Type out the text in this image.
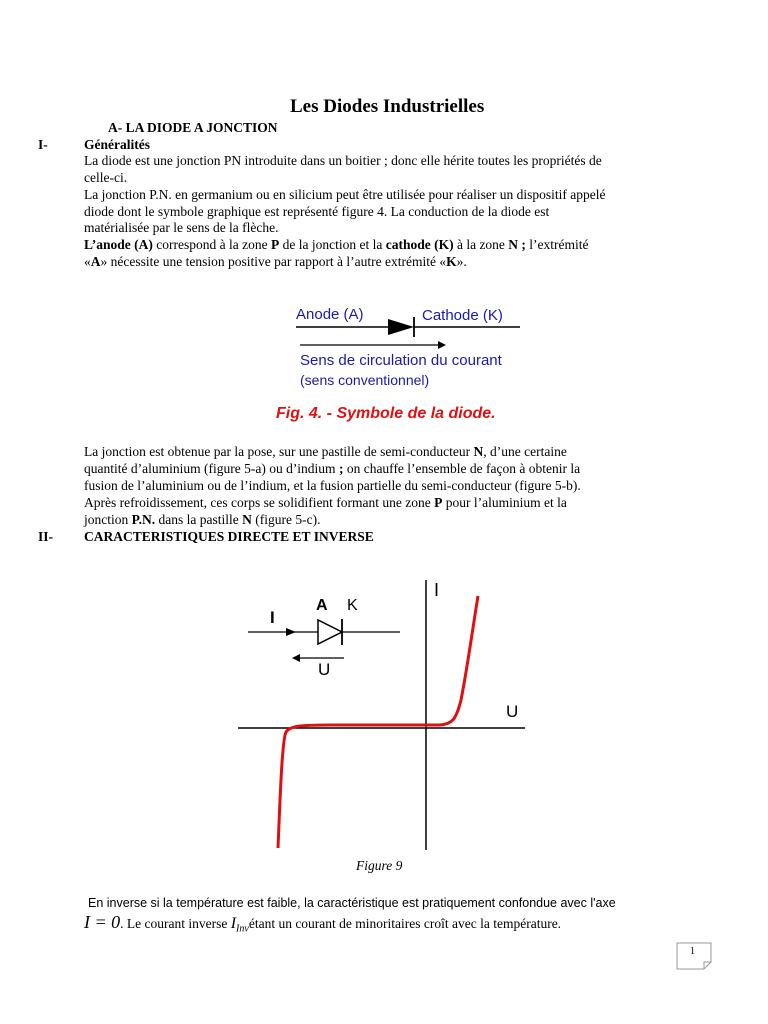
Les Diodes Industrielles
A- LA DIODE A JONCTION
I-	Généralités
La diode est une jonction PN introduite dans un boitier ; donc elle hérite toutes les propriétés de
celle-ci.
La jonction P.N. en germanium ou en silicium peut être utilisée pour réaliser un dispositif appelé
diode dont le symbole graphique est représenté figure 4. La conduction de la diode est
matérialisée par le sens de la flèche.
L’anode (A) correspond à la zone P de la jonction et la cathode (K) à la zone N ; l’extrémité
«A» nécessite une tension positive par rapport à l’autre extrémité «K».
Anode (A)	Cathode (K)
Sens de circulation du courant
(sens conventionnel)
Fig. 4. - Symbole de la diode.
La jonction est obtenue par la pose, sur une pastille de semi-conducteur N, d’une certaine
quantité d’aluminium (figure 5-a) ou d’indium ; on chauffe l’ensemble de façon à obtenir la
fusion de l’aluminium ou de l’indium, et la fusion partielle du semi-conducteur (figure 5-b).
Après refroidissement, ces corps se solidifient formant une zone P pour l’aluminium et la
jonction P.N. dans la pastille N (figure 5-c).
II- CARACTERISTIQUES DIRECTE ET INVERSE
I
U
I
A K
U
Figure 9
En inverse si la température est faible, la caractéristique est pratiquement confondue avec l'axe
I = 0. Le courant inverse $I_{Inv}é\tan t$ un courant de minoritaires croît avec la température.
1
